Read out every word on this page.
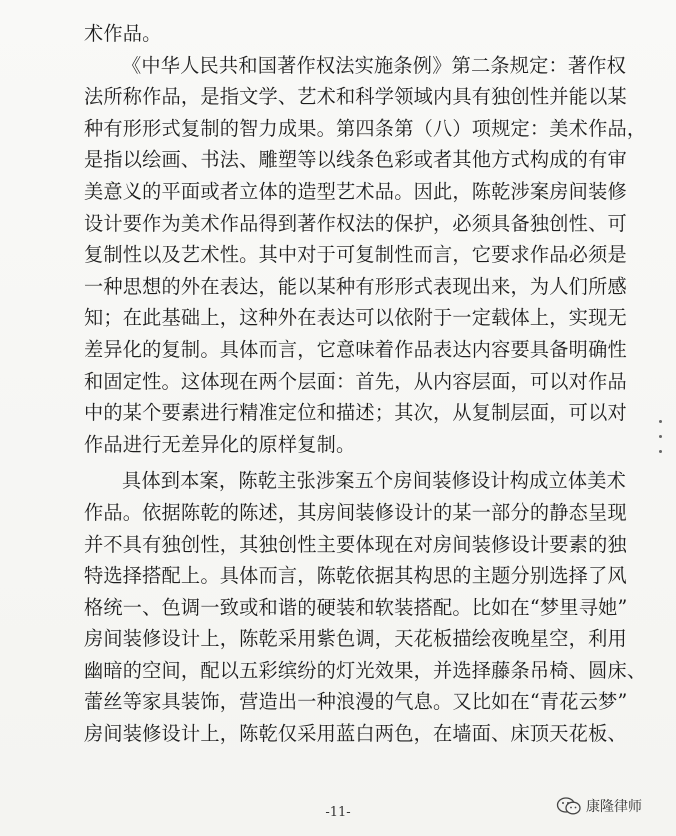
术作品。
《中华人民共和国著作权法实施条例》第二条规定：著作权
法所称作品，是指文学、艺术和科学领域内具有独创性并能以某
种有形形式复制的智力成果。第四条第（八）项规定：美术作品，
是指以绘画、书法、雕塑等以线条色彩或者其他方式构成的有审
美意义的平面或者立体的造型艺术品。因此，陈乾涉案房间装修
设计要作为美术作品得到著作权法的保护，必须具备独创性、可
复制性以及艺术性。其中对于可复制性而言，它要求作品必须是
一种思想的外在表达，能以某种有形形式表现出来，为人们所感
知；在此基础上，这种外在表达可以依附于一定载体上，实现无
差异化的复制。具体而言，它意味着作品表达内容要具备明确性
和固定性。这体现在两个层面：首先，从内容层面，可以对作品
中的某个要素进行精准定位和描述；其次，从复制层面，可以对
作品进行无差异化的原样复制。
具体到本案，陈乾主张涉案五个房间装修设计构成立体美术
作品。依据陈乾的陈述，其房间装修设计的某一部分的静态呈现
并不具有独创性，其独创性主要体现在对房间装修设计要素的独
特选择搭配上。具体而言，陈乾依据其构思的主题分别选择了风
格统一、色调一致或和谐的硬装和软装搭配。比如在“梦里寻她”
房间装修设计上，陈乾采用紫色调，天花板描绘夜晚星空，利用
幽暗的空间，配以五彩缤纷的灯光效果，并选择藤条吊椅、圆床、
蕾丝等家具装饰，营造出一种浪漫的气息。又比如在“青花云梦”
房间装修设计上，陈乾仅采用蓝白两色，在墙面、床顶天花板、
-11-	康隆律师
